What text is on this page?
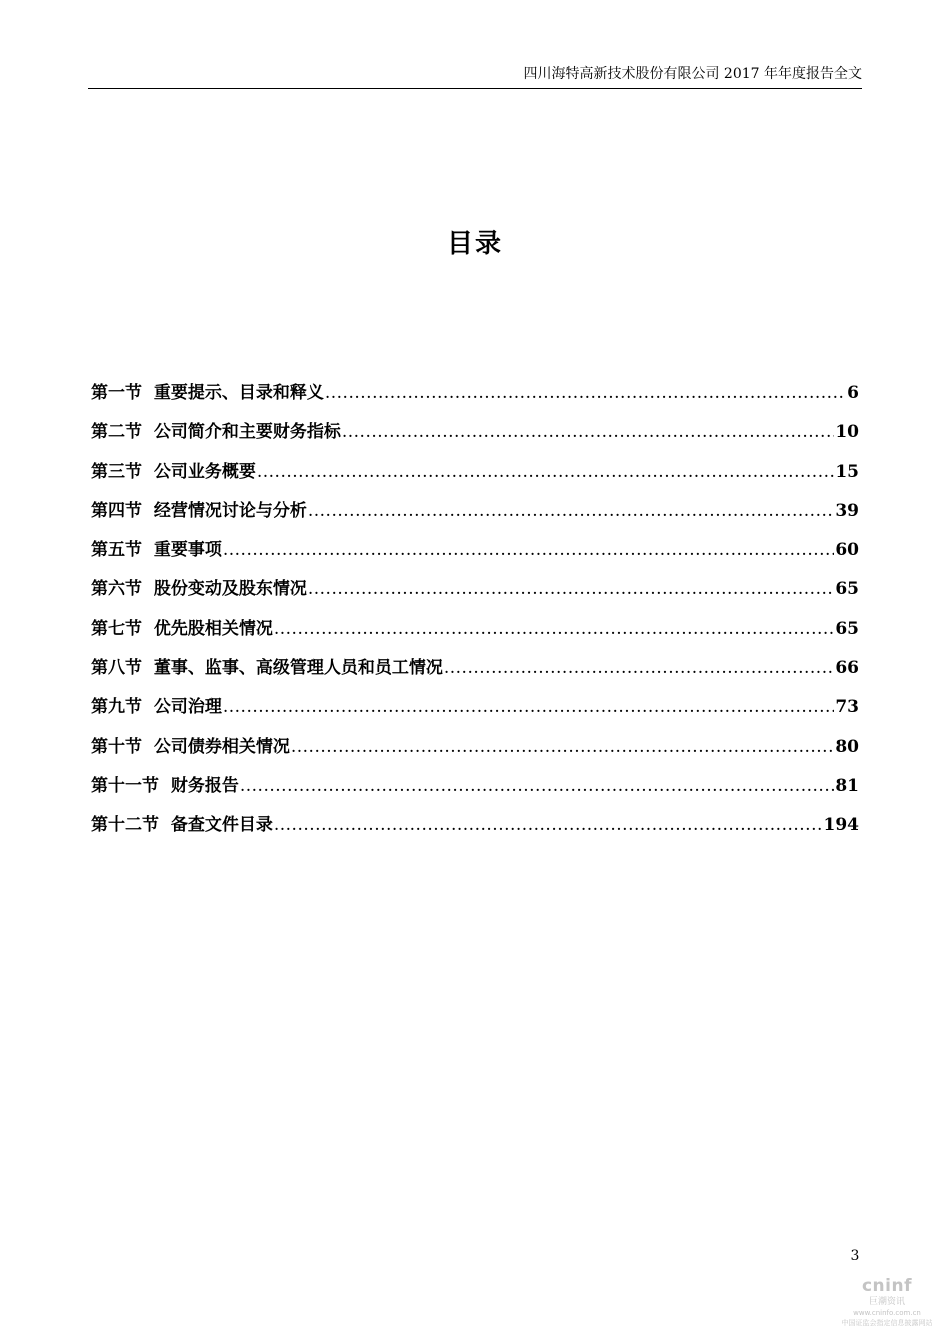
四川海特高新技术股份有限公司 2017 年年度报告全文
目录
第一节  重要提示、目录和释义 .....	6
第二节  公司简介和主要财务指标 .....	10
第三节  公司业务概要 .....	15
第四节  经营情况讨论与分析 .....	39
第五节  重要事项 .....	60
第六节  股份变动及股东情况 .....	65
第七节  优先股相关情况 .....	65
第八节  董事、监事、高级管理人员和员工情况 .....	66
第九节  公司治理 .....	73
第十节  公司债券相关情况 .....	80
第十一节  财务报告 .....	81
第十二节  备查文件目录 .....	194
3
cninf
巨潮资讯
www.cninfo.com.cn
中国证监会指定信息披露网站
